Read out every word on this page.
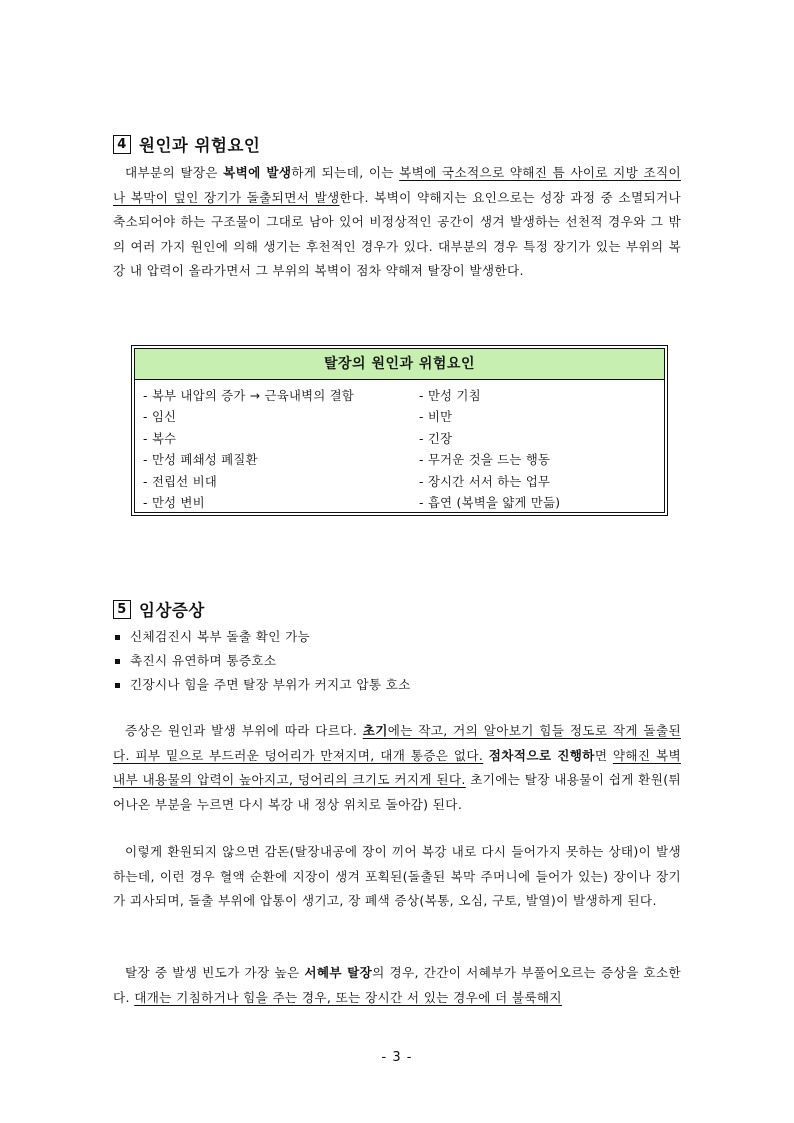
4 원인과 위험요인
대부분의 탈장은 복벽에 발생하게 되는데, 이는 복벽에 국소적으로 약해진 틈 사이로 지방 조직이나 복막이 덮인 장기가 돌출되면서 발생한다. 복벽이 약해지는 요인으로는 성장 과정 중 소멸되거나 축소되어야 하는 구조물이 그대로 남아 있어 비정상적인 공간이 생겨 발생하는 선천적 경우와 그 밖의 여러 가지 원인에 의해 생기는 후천적인 경우가 있다. 대부분의 경우 특정 장기가 있는 부위의 복강 내 압력이 올라가면서 그 부위의 복벽이 점차 약해져 탈장이 발생한다.
탈장의 원인과 위험요인
- 복부 내압의 증가 → 근육내벽의 결함
- 임신
- 복수
- 만성 폐쇄성 폐질환
- 전립선 비대
- 만성 변비
- 만성 기침
- 비만
- 긴장
- 무거운 것을 드는 행동
- 장시간 서서 하는 업무
- 흡연 (복벽을 얇게 만듦)
5 임상증상
신체검진시 복부 돌출 확인 가능
촉진시 유연하며 통증호소
긴장시나 힘을 주면 탈장 부위가 커지고 압통 호소
증상은 원인과 발생 부위에 따라 다르다. 초기에는 작고, 거의 알아보기 힘들 정도로 작게 돌출된다. 피부 밑으로 부드러운 덩어리가 만져지며, 대개 통증은 없다. 점차적으로 진행하면 약해진 복벽 내부 내용물의 압력이 높아지고, 덩어리의 크기도 커지게 된다. 초기에는 탈장 내용물이 쉽게 환원(튀어나온 부분을 누르면 다시 복강 내 정상 위치로 돌아감) 된다.
이렇게 환원되지 않으면 감돈(탈장내공에 장이 끼어 복강 내로 다시 들어가지 못하는 상태)이 발생하는데, 이런 경우 혈액 순환에 지장이 생겨 포획된(돌출된 복막 주머니에 들어가 있는) 장이나 장기가 괴사되며, 돌출 부위에 압통이 생기고, 장 폐색 증상(복통, 오심, 구토, 발열)이 발생하게 된다.
탈장 중 발생 빈도가 가장 높은 서혜부 탈장의 경우, 간간이 서혜부가 부풀어오르는 증상을 호소한다. 대개는 기침하거나 힘을 주는 경우, 또는 장시간 서 있는 경우에 더 불룩해지
- 3 -
